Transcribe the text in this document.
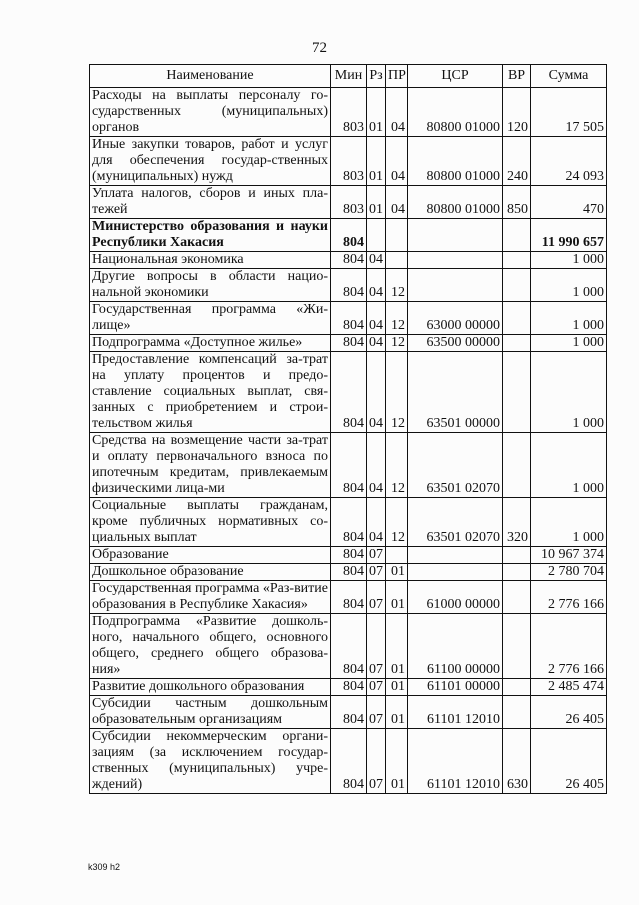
72
Наименование	Мин	Рз	ПР	ЦСР	ВР	Сумма
Расходы на выплаты персоналу го-сударственных (муниципальных) органов	803	01	04	80800 01000	120	17 505
Иные закупки товаров, работ и услуг для обеспечения государ-ственных (муниципальных) нужд	803	01	04	80800 01000	240	24 093
Уплата налогов, сборов и иных пла-тежей	803	01	04	80800 01000	850	470
Министерство образования и науки Республики Хакасия	804					11 990 657
Национальная экономика	804	04				1 000
Другие вопросы в области нацио-нальной экономики	804	04	12			1 000
Государственная программа «Жи-лище»	804	04	12	63000 00000		1 000
Подпрограмма «Доступное жилье»	804	04	12	63500 00000		1 000
Предоставление компенсаций за-трат на уплату процентов и предо-ставление социальных выплат, свя-занных с приобретением и строи-тельством жилья	804	04	12	63501 00000		1 000
Средства на возмещение части за-трат и оплату первоначального взноса по ипотечным кредитам, привлекаемым физическими лица-ми	804	04	12	63501 02070		1 000
Социальные выплаты гражданам, кроме публичных нормативных со-циальных выплат	804	04	12	63501 02070	320	1 000
Образование	804	07				10 967 374
Дошкольное образование	804	07	01			2 780 704
Государственная программа «Раз-витие образования в Республике Хакасия»	804	07	01	61000 00000		2 776 166
Подпрограмма «Развитие дошколь-ного, начального общего, основного общего, среднего общего образова-ния»	804	07	01	61100 00000		2 776 166
Развитие дошкольного образования	804	07	01	61101 00000		2 485 474
Субсидии частным дошкольным образовательным организациям	804	07	01	61101 12010		26 405
Субсидии некоммерческим органи-зациям (за исключением государ-ственных (муниципальных) учре-ждений)	804	07	01	61101 12010	630	26 405
k309 h2
